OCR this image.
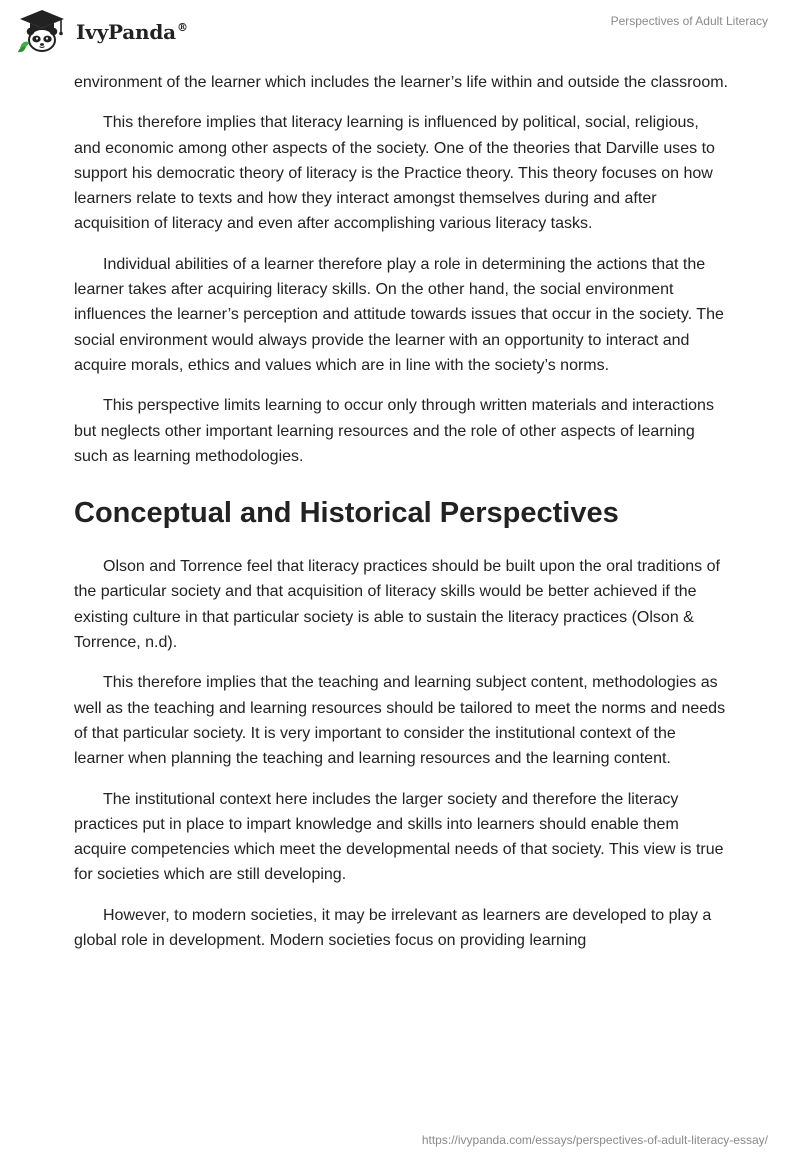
IvyPanda®	Perspectives of Adult Literacy

environment of the learner which includes the learner’s life within and outside the classroom.

This therefore implies that literacy learning is influenced by political, social, religious, and economic among other aspects of the society. One of the theories that Darville uses to support his democratic theory of literacy is the Practice theory. This theory focuses on how learners relate to texts and how they interact amongst themselves during and after acquisition of literacy and even after accomplishing various literacy tasks.

Individual abilities of a learner therefore play a role in determining the actions that the learner takes after acquiring literacy skills. On the other hand, the social environment influences the learner’s perception and attitude towards issues that occur in the society. The social environment would always provide the learner with an opportunity to interact and acquire morals, ethics and values which are in line with the society’s norms.

This perspective limits learning to occur only through written materials and interactions but neglects other important learning resources and the role of other aspects of learning such as learning methodologies.

Conceptual and Historical Perspectives

Olson and Torrence feel that literacy practices should be built upon the oral traditions of the particular society and that acquisition of literacy skills would be better achieved if the existing culture in that particular society is able to sustain the literacy practices (Olson & Torrence, n.d).

This therefore implies that the teaching and learning subject content, methodologies as well as the teaching and learning resources should be tailored to meet the norms and needs of that particular society. It is very important to consider the institutional context of the learner when planning the teaching and learning resources and the learning content.

The institutional context here includes the larger society and therefore the literacy practices put in place to impart knowledge and skills into learners should enable them acquire competencies which meet the developmental needs of that society. This view is true for societies which are still developing.

However, to modern societies, it may be irrelevant as learners are developed to play a global role in development. Modern societies focus on providing learning

https://ivypanda.com/essays/perspectives-of-adult-literacy-essay/
